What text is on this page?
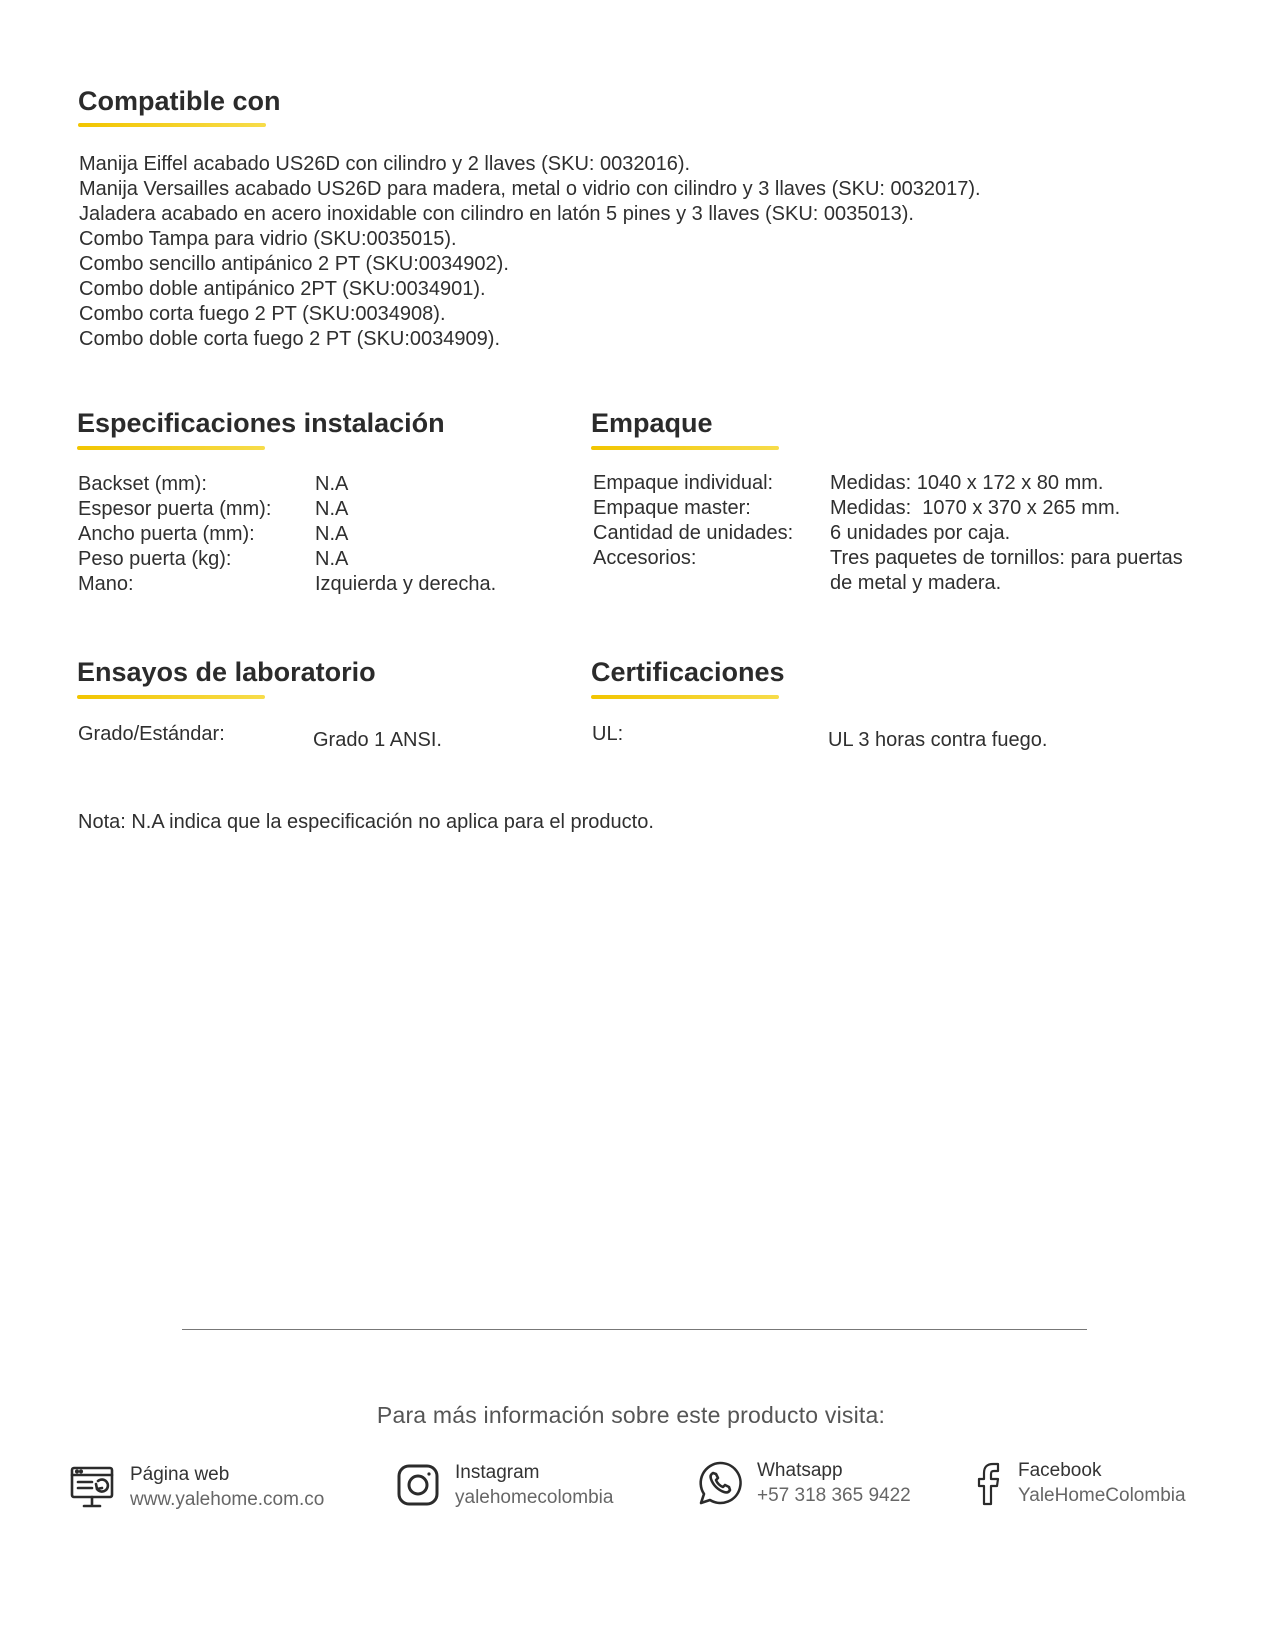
Compatible con
Manija Eiffel acabado US26D con cilindro y 2 llaves (SKU: 0032016).
Manija Versailles acabado US26D para madera, metal o vidrio con cilindro y 3 llaves (SKU: 0032017).
Jaladera acabado en acero inoxidable con cilindro en latón 5 pines y 3 llaves (SKU: 0035013).
Combo Tampa para vidrio (SKU:0035015).
Combo sencillo antipánico 2 PT (SKU:0034902).
Combo doble antipánico 2PT (SKU:0034901).
Combo corta fuego 2 PT (SKU:0034908).
Combo doble corta fuego 2 PT (SKU:0034909).
Especificaciones instalación
Backset (mm):	N.A
Espesor puerta (mm):	N.A
Ancho puerta (mm):	N.A
Peso puerta (kg):	N.A
Mano:	Izquierda y derecha.
Empaque
Empaque individual:	Medidas: 1040 x 172 x 80 mm.
Empaque master:	Medidas:  1070 x 370 x 265 mm.
Cantidad de unidades:	6 unidades por caja.
Accesorios:	Tres paquetes de tornillos: para puertas de metal y madera.
Ensayos de laboratorio
Grado/Estándar:	Grado 1 ANSI.
Certificaciones
UL:	UL 3 horas contra fuego.
Nota: N.A indica que la especificación no aplica para el producto.
Para más información sobre este producto visita:
Página web
www.yalehome.com.co
Instagram
yalehomecolombia
Whatsapp
+57 318 365 9422
Facebook
YaleHomeColombia
